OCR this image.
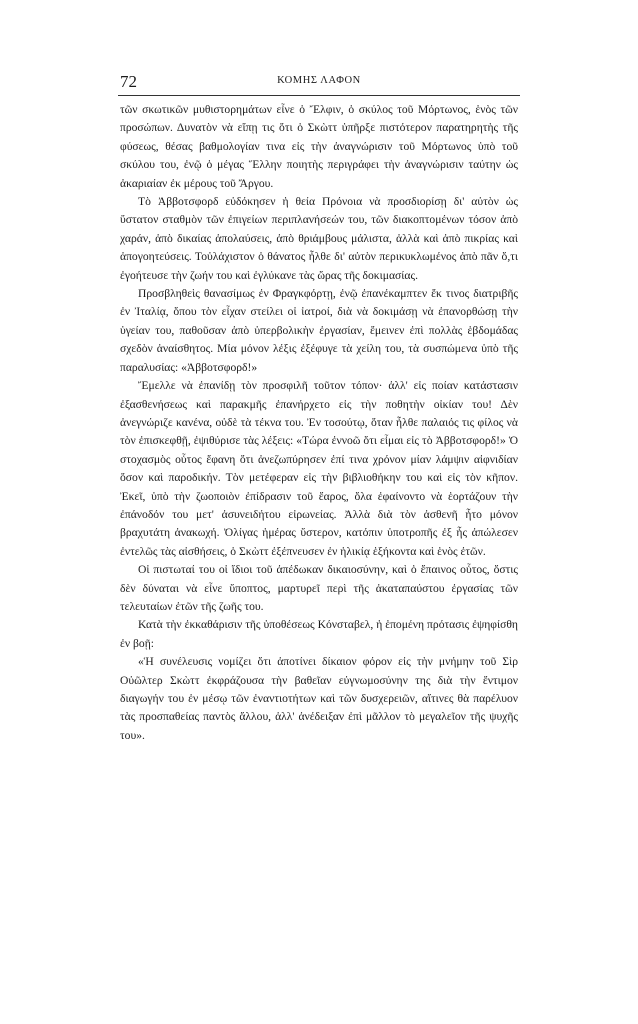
72	ΚΟΜΗΣ ΛΑΦΟΝ

τῶν σκωτικῶν μυθιστορημάτων εἶνε ὁ Ἔλφιν, ὁ σκύλος τοῦ Μόρτωνος, ἑνὸς τῶν προσώπων. Δυνατὸν νὰ εἴπῃ τις ὅτι ὁ Σκὼττ ὑπῆρξε πιστότερον παρατηρητὴς τῆς φύσεως, θέσας βαθμολογίαν τινα εἰς τὴν ἀναγνώρισιν τοῦ Μόρτωνος ὑπὸ τοῦ σκύλου του, ἐνῷ ὁ μέγας Ἕλλην ποιητὴς περιγράφει τὴν ἀναγνώρισιν ταύτην ὡς ἀκαριαίαν ἐκ μέρους τοῦ Ἄργου.

Τὸ Ἀββοτσφορδ εὐδόκησεν ἡ θεία Πρόνοια νὰ προσδιορίσῃ δι' αὐτὸν ὡς ὕστατον σταθμὸν τῶν ἐπιγείων περιπλανήσεών του, τῶν διακοπτομένων τόσον ἀπὸ χαράν, ἀπὸ δικαίας ἀπολαύσεις, ἀπὸ θριάμβους μάλιστα, ἀλλὰ καὶ ἀπὸ πικρίας καὶ ἀπογοητεύσεις. Τοὐλάχιστον ὁ θάνατος ἦλθε δι' αὐτὸν περικυκλωμένος ἀπὸ πᾶν ὅ,τι ἐγοήτευσε τὴν ζωήν του καὶ ἐγλύκανε τὰς ὥρας τῆς δοκιμασίας.

Προσβληθεὶς θανασίμως ἐν Φραγκφόρτῃ, ἐνῷ ἐπανέκαμπτεν ἔκ τινος διατριβῆς ἐν Ἰταλίᾳ, ὅπου τὸν εἶχαν στείλει οἱ ἰατροί, διὰ νὰ δοκιμάσῃ νὰ ἐπανορθώσῃ τὴν ὑγείαν του, παθοῦσαν ἀπὸ ὑπερβολικὴν ἐργασίαν, ἔμεινεν ἐπὶ πολλὰς ἑβδομάδας σχεδὸν ἀναίσθητος. Μία μόνον λέξις ἐξέφυγε τὰ χείλη του, τὰ συσπώμενα ὑπὸ τῆς παραλυσίας: «Ἀββοτσφορδ!»

Ἔμελλε νὰ ἐπανίδῃ τὸν προσφιλῆ τοῦτον τόπον· ἀλλ' εἰς ποίαν κατάστασιν ἐξασθενήσεως καὶ παρακμῆς ἐπανήρχετο εἰς τὴν ποθητὴν οἰκίαν του! Δὲν ἀνεγνώριζε κανένα, οὐδὲ τὰ τέκνα του. Ἐν τοσούτῳ, ὅταν ἦλθε παλαιός τις φίλος νὰ τὸν ἐπισκεφθῇ, ἐψιθύρισε τὰς λέξεις: «Τώρα ἐννοῶ ὅτι εἶμαι εἰς τὸ Ἀββοτσφορδ!» Ὁ στοχασμὸς οὗτος ἔφανη ὅτι ἀνεζωπύρησεν ἐπί τινα χρόνον μίαν λάμψιν αἰφνιδίαν ὅσον καὶ παροδικήν. Τὸν μετέφεραν εἰς τὴν βιβλιοθήκην του καὶ εἰς τὸν κῆπον. Ἐκεῖ, ὑπὸ τὴν ζωοποιὸν ἐπίδρασιν τοῦ ἔαρος, ὅλα ἐφαίνοντο νὰ ἑορτάζουν τὴν ἐπάνοδόν του μετ' ἀσυνειδήτου εἰρωνείας. Ἀλλὰ διὰ τὸν ἀσθενῆ ἦτο μόνον βραχυτάτη ἀνακωχή. Ὀλίγας ἡμέρας ὕστερον, κατόπιν ὑποτροπῆς ἐξ ἧς ἀπώλεσεν ἐντελῶς τὰς αἰσθήσεις, ὁ Σκὼττ ἐξέπνευσεν ἐν ἡλικίᾳ ἑξήκοντα καὶ ἑνὸς ἐτῶν.

Οἱ πιστωταί του οἱ ἴδιοι τοῦ ἀπέδωκαν δικαιοσύνην, καὶ ὁ ἔπαινος οὗτος, ὅστις δὲν δύναται νὰ εἶνε ὕποπτος, μαρτυρεῖ περὶ τῆς ἀκαταπαύστου ἐργασίας τῶν τελευταίων ἐτῶν τῆς ζωῆς του.

Κατὰ τὴν ἐκκαθάρισιν τῆς ὑποθέσεως Κόνσταβελ, ἡ ἑπομένη πρότασις ἐψηφίσθη ἐν βοῇ:

«Ἡ συνέλευσις νομίζει ὅτι ἀποτίνει δίκαιον φόρον εἰς τὴν μνήμην τοῦ Σὶρ Οὐῶλτερ Σκὼττ ἐκφράζουσα τὴν βαθεῖαν εὐγνωμοσύνην της διὰ τὴν ἔντιμον διαγωγήν του ἐν μέσῳ τῶν ἐναντιοτήτων καὶ τῶν δυσχερειῶν, αἵτινες θὰ παρέλυον τὰς προσπαθείας παντὸς ἄλλου, ἀλλ' ἀνέδειξαν ἐπὶ μᾶλλον τὸ μεγαλεῖον τῆς ψυχῆς του».
